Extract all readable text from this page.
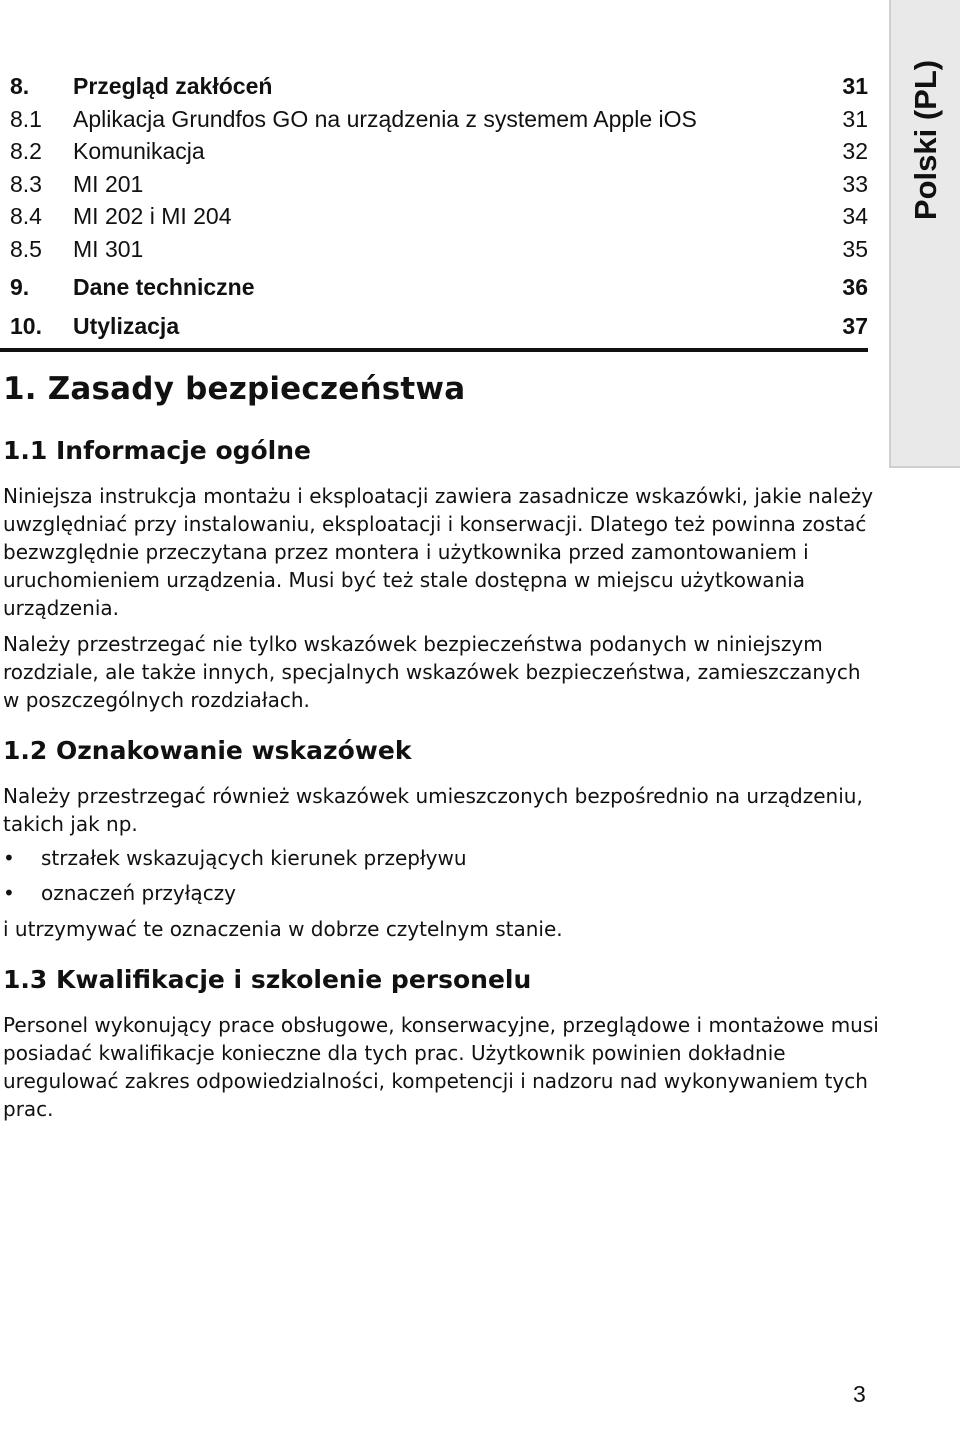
Polski (PL)
8. Przegląd zakłóceń	31
8.1 Aplikacja Grundfos GO na urządzenia z systemem Apple iOS	31
8.2 Komunikacja	32
8.3 MI 201	33
8.4 MI 202 i MI 204	34
8.5 MI 301	35
9. Dane techniczne	36
10. Utylizacja	37
1. Zasady bezpieczeństwa
1.1 Informacje ogólne

Niniejsza instrukcja montażu i eksploatacji zawiera zasadnicze wskazówki, jakie należy uwzględniać przy instalowaniu, eksploatacji i konserwacji. Dlatego też powinna zostać bezwzględnie przeczytana przez montera i użytkownika przed zamontowaniem i uruchomieniem urządzenia. Musi być też stale dostępna w miejscu użytkowania urządzenia.

Należy przestrzegać nie tylko wskazówek bezpieczeństwa podanych w niniejszym rozdziale, ale także innych, specjalnych wskazówek bezpieczeństwa, zamieszczanych w poszczególnych rozdziałach.

1.2 Oznakowanie wskazówek

Należy przestrzegać również wskazówek umieszczonych bezpośrednio na urządzeniu, takich jak np.

• strzałek wskazujących kierunek przepływu
• oznaczeń przyłączy

i utrzymywać te oznaczenia w dobrze czytelnym stanie.

1.3 Kwalifikacje i szkolenie personelu

Personel wykonujący prace obsługowe, konserwacyjne, przeglądowe i montażowe musi posiadać kwalifikacje konieczne dla tych prac. Użytkownik powinien dokładnie uregulować zakres odpowiedzialności, kompetencji i nadzoru nad wykonywaniem tych prac.

3
